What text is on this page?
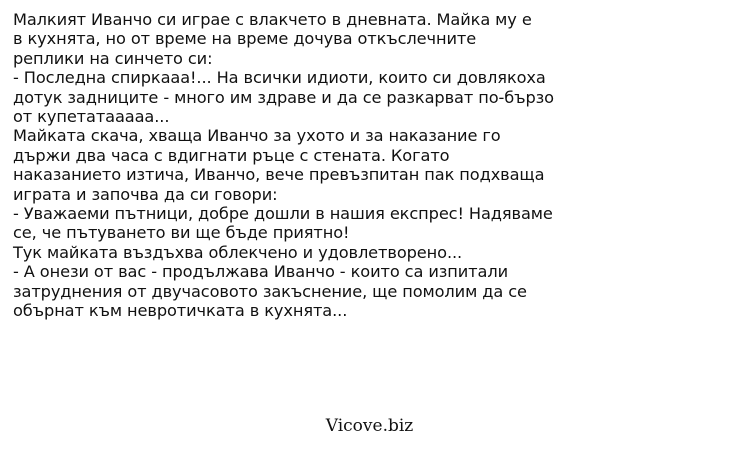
Малкият Иванчо си играе с влакчето в дневната. Майка му е
в кухнята, но от време на време дочува откъслечните
реплики на синчето си:
- Последна спиркааа!... На всички идиоти, които си довлякоха
дотук задниците - много им здраве и да се разкарват по-бързо
от купетатааааа...
Майката скача, хваща Иванчо за ухото и за наказание го
държи два часа с вдигнати ръце с стената. Когато
наказанието изтича, Иванчо, вече превъзпитан пак подхваща
играта и започва да си говори:
- Уважаеми пътници, добре дошли в нашия експрес! Надяваме
се, че пътуването ви ще бъде приятно!
Тук майката въздъхва облекчено и удовлетворено...
- А онези от вас - продължава Иванчо - които са изпитали
затруднения от двучасовото закъснение, ще помолим да се
обърнат към невротичката в кухнята...
Vicove.biz
